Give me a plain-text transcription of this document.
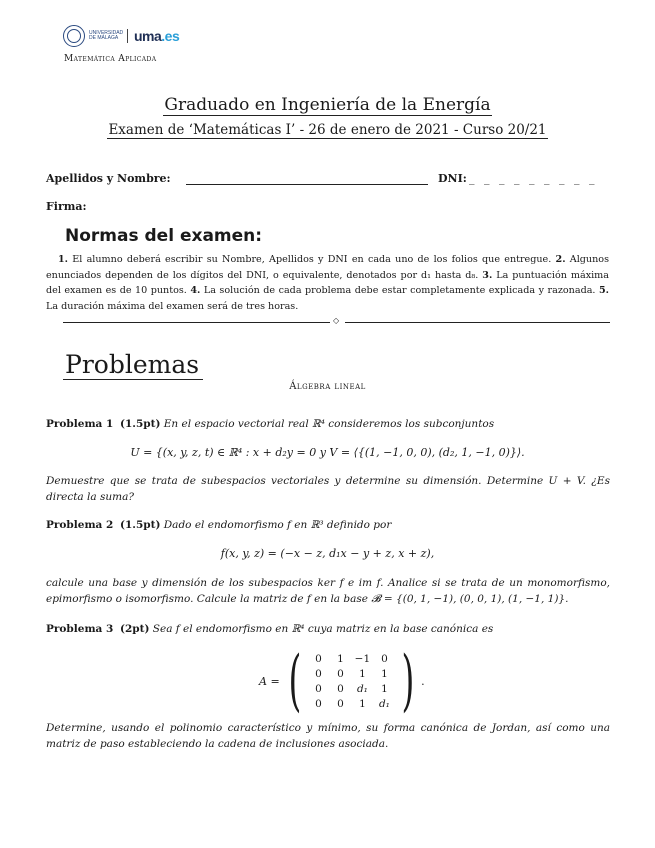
UNIVERSIDAD
DE MÁLAGA uma.es
Matemática Aplicada
Graduado en Ingeniería de la Energía
Examen de ‘Matemáticas I’ - 26 de enero de 2021 - Curso 20/21
Apellidos y Nombre:	DNI: _ _ _ _ _ _ _ _ _
Firma:
Normas del examen:
1. El alumno deberá escribir su Nombre, Apellidos y DNI en cada uno de los folios que entregue. 2. Algunos enunciados dependen de los dígitos del DNI, o equivalente, denotados por d₁ hasta d₈. 3. La puntuación máxima del examen es de 10 puntos. 4. La solución de cada problema debe estar completamente explicada y razonada. 5. La duración máxima del examen será de tres horas.
◇
Problemas
Álgebra lineal
Problema 1 (1.5pt) En el espacio vectorial real ℝ⁴ consideremos los subconjuntos
U = {(x, y, z, t) ∈ ℝ⁴ : x + d₂y = 0 y V = ⟨{(1, −1, 0, 0), (d₂, 1, −1, 0)}⟩.
Demuestre que se trata de subespacios vectoriales y determine su dimensión. Determine U + V. ¿Es directa la suma?
Problema 2 (1.5pt) Dado el endomorfismo f en ℝ³ definido por
f(x, y, z) = (−x − z, d₁x − y + z, x + z),
calcule una base y dimensión de los subespacios ker f e im f. Analice si se trata de un monomorfismo, epimorfismo o isomorfismo. Calcule la matriz de f en la base 𝓑 = {(0, 1, −1), (0, 0, 1), (1, −1, 1)}.
Problema 3 (2pt) Sea f el endomorfismo en ℝ⁴ cuya matriz en la base canónica es
A = ( 0	1	−1	0
0	0	1	1
0	0	d₁	1
0	0	1	d₁ ) .
Determine, usando el polinomio característico y mínimo, su forma canónica de Jordan, así como una matriz de paso estableciendo la cadena de inclusiones asociada.
